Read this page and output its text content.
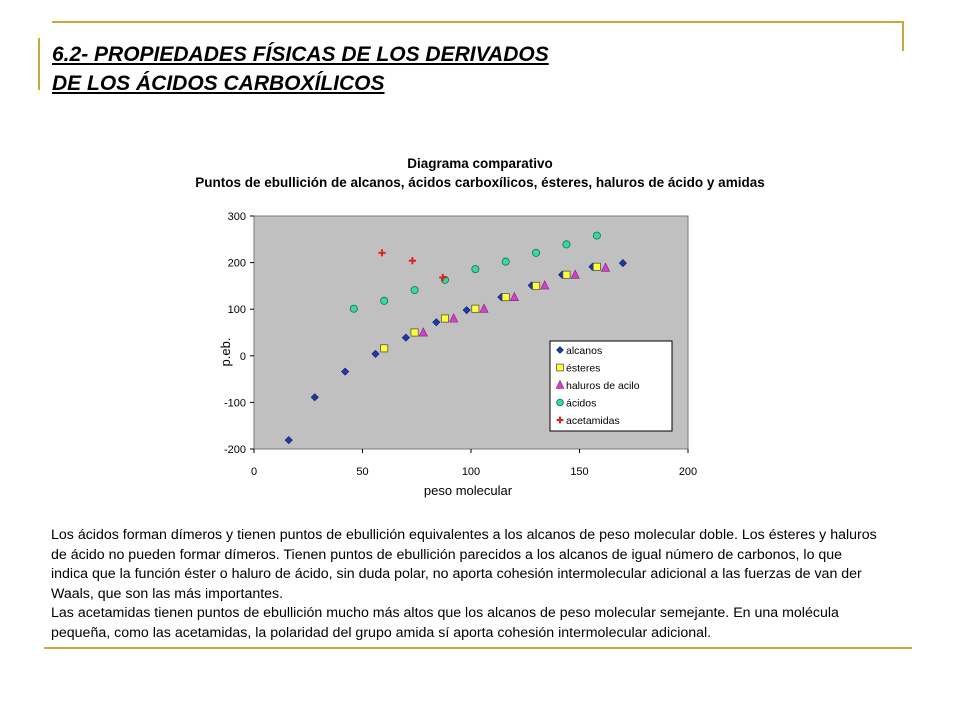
6.2- PROPIEDADES FÍSICAS DE LOS DERIVADOS
DE LOS ÁCIDOS CARBOXÍLICOS
Diagrama comparativo
Puntos de ebullición de alcanos, ácidos carboxílicos, ésteres, haluros de ácido y amidas
-200
-100
0
100
200
300
0	50	100	150	200
peso molecular
p.eb.	alcanos
ésteres
haluros de acilo
ácidos
acetamidas

Los ácidos forman dímeros y tienen puntos de ebullición equivalentes a los alcanos de peso molecular doble. Los ésteres y haluros de ácido no pueden formar dímeros. Tienen puntos de ebullición parecidos a los alcanos de igual número de carbonos, lo que indica que la función éster o haluro de ácido, sin duda polar, no aporta cohesión intermolecular adicional a las fuerzas de van der Waals, que son las más importantes.

Las acetamidas tienen puntos de ebullición mucho más altos que los alcanos de peso molecular semejante. En una molécula pequeña, como las acetamidas, la polaridad del grupo amida sí aporta cohesión intermolecular adicional.
